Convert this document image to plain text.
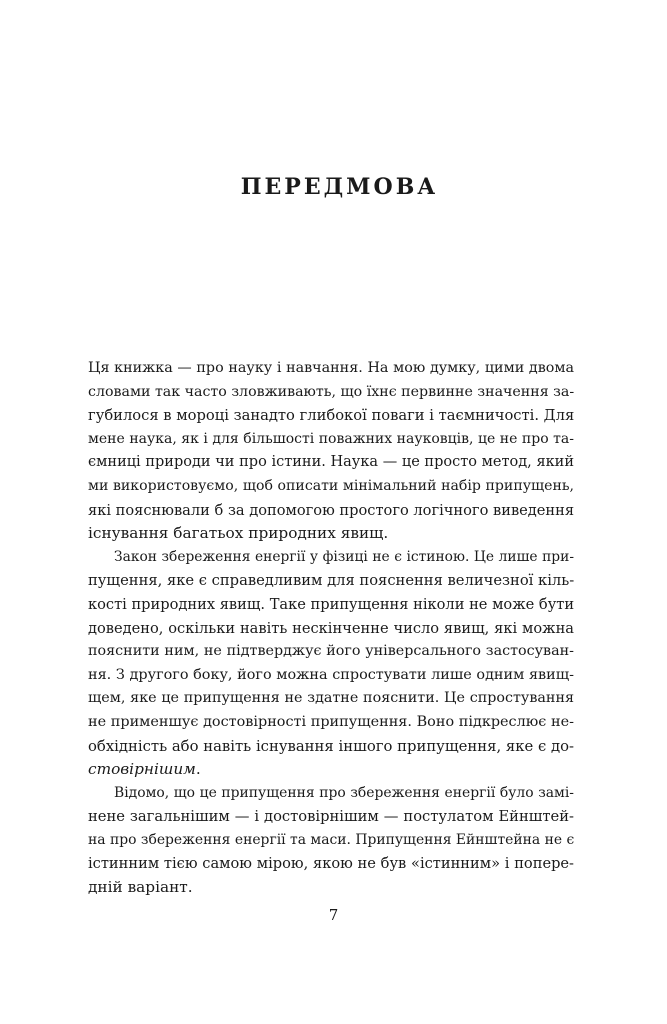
ПЕРЕДМОВА
Ця книжка — про науку і навчання. На мою думку, цими двома
словами так часто зловживають, що їхнє первинне значення за-
губилося в мороці занадто глибокої поваги і таємничості. Для
мене наука, як і для більшості поважних науковців, це не про та-
ємниці природи чи про істини. Наука — це просто метод, який
ми використовуємо, щоб описати мінімальний набір припущень,
які пояснювали б за допомогою простого логічного виведення
існування багатьох природних явищ.
Закон збереження енергії у фізиці не є істиною. Це лише при-
пущення, яке є справедливим для пояснення величезної кіль-
кості природних явищ. Таке припущення ніколи не може бути
доведено, оскільки навіть нескінченне число явищ, які можна
пояснити ним, не підтверджує його універсального застосуван-
ня. З другого боку, його можна спростувати лише одним явищ-
щем, яке це припущення не здатне пояснити. Це спростування
не применшує достовірності припущення. Воно підкреслює не-
обхідність або навіть існування іншого припущення, яке є до-
стовірнішим.
Відомо, що це припущення про збереження енергії було замі-
нене загальнішим — і достовірнішим — постулатом Ейнштей-
на про збереження енергії та маси. Припущення Ейнштейна не є
істинним тією самою мірою, якою не був «істинним» і попере-
дній варіант.
7
